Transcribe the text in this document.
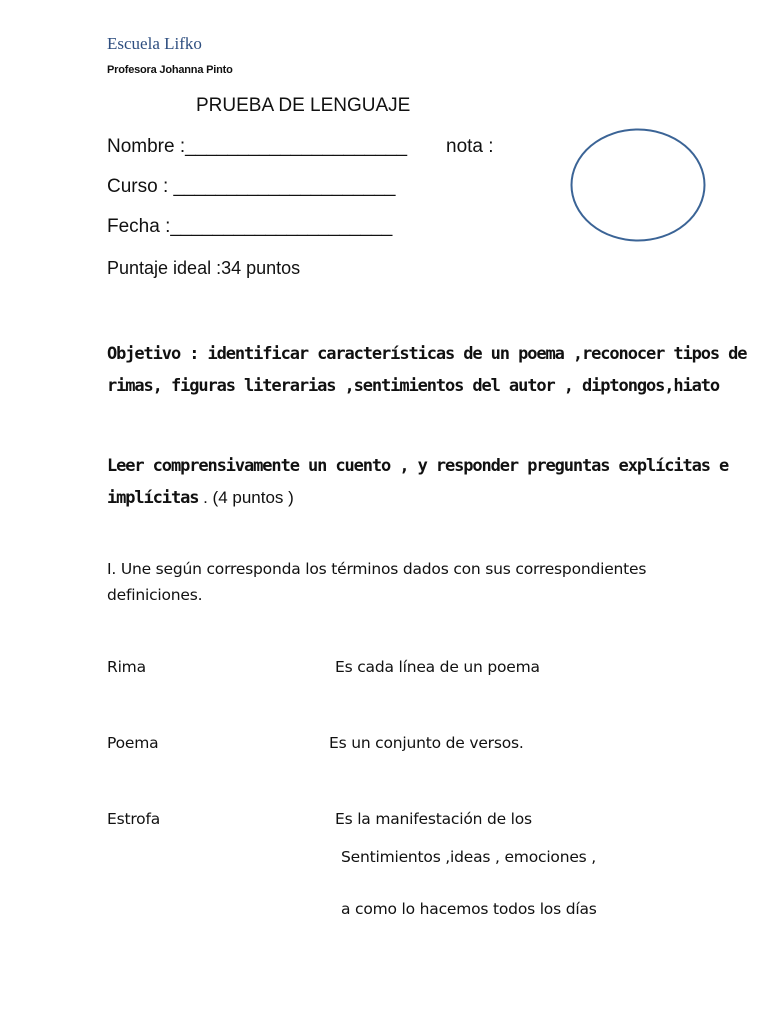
Escuela Lifko
Profesora Johanna Pinto
PRUEBA DE LENGUAJE
Nombre :_____________________ nota :
Curso : _____________________
Fecha :_____________________
Puntaje ideal :34 puntos
Objetivo : identificar características de un poema ,reconocer tipos de rimas, figuras literarias ,sentimientos del autor , diptongos,hiato
Leer comprensivamente un cuento , y responder preguntas explícitas e implícitas . (4 puntos )
I. Une según corresponda los términos dados con sus correspondientes definiciones.
Rima	Es cada línea de un poema
Poema	Es un conjunto de versos.
Estrofa	Es la manifestación de los
Sentimientos ,ideas , emociones ,
a como lo hacemos todos los días
